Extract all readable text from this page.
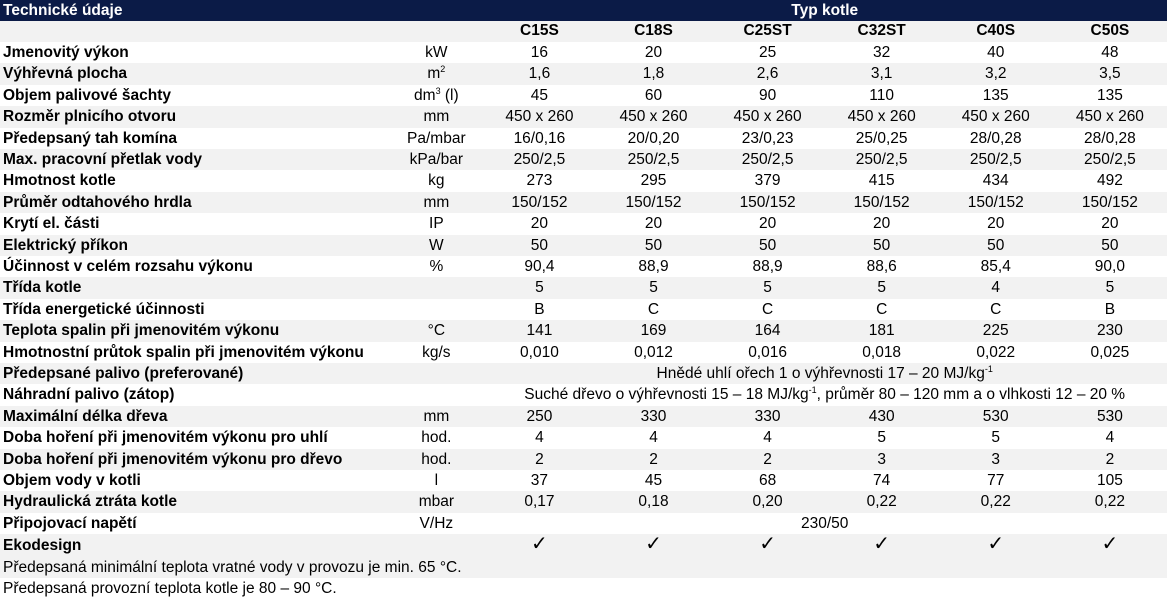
Technické údaje		Typ kotle					
		C15S	C18S	C25ST	C32ST	C40S	C50S
Jmenovitý výkon	kW	16	20	25	32	40	48
Výhřevná plocha	$m^2$	1,6	1,8	2,6	3,1	3,2	3,5
Objem palivové šachty	$dm^3$ (l)	45	60	90	110	135	135
Rozměr plnicího otvoru	mm	450 x 260	450 x 260	450 x 260	450 x 260	450 x 260	450 x 260
Předepsaný tah komína	Pa/mbar	16/0,16	20/0,20	23/0,23	25/0,25	28/0,28	28/0,28
Max. pracovní přetlak vody	kPa/bar	250/2,5	250/2,5	250/2,5	250/2,5	250/2,5	250/2,5
Hmotnost kotle	kg	273	295	379	415	434	492
Průměr odtahového hrdla	mm	150/152	150/152	150/152	150/152	150/152	150/152
Krytí el. části	IP	20	20	20	20	20	20
Elektrický příkon	W	50	50	50	50	50	50
Účinnost v celém rozsahu výkonu	%	90,4	88,9	88,9	88,6	85,4	90,0
Třída kotle		5	5	5	5	4	5
Třída energetické účinnosti		B	C	C	C	C	B
Teplota spalin při jmenovitém výkonu	°C	141	169	164	181	225	230
Hmotnostní průtok spalin při jmenovitém výkonu	kg/s	0,010	0,012	0,016	0,018	0,022	0,025
Předepsané palivo (preferované)		Hnědé uhlí ořech 1 o výhřevnosti 17 – 20 $MJ/kg^{-1}$
Náhradní palivo (zátop)		Suché dřevo o výhřevnosti 15 – 18 $MJ/kg^{-1}$, průměr 80 – 120 mm a o vlhkosti 12 – 20 %					
Maximální délka dřeva	mm	250	330	330	430	530	530
Doba hoření při jmenovitém výkonu pro uhlí	hod.	4	4	4	5	5	4
Doba hoření při jmenovitém výkonu pro dřevo	hod.	2	2	2	3	3	2
Objem vody v kotli	l	37	45	68	74	77	105
Hydraulická ztráta kotle	mbar	0,17	0,18	0,20	0,22	0,22	0,22
Připojovací napětí	V/Hz	230/50					
Ekodesign		✓	✓	✓	✓	✓	✓
Předepsaná minimální teplota vratné vody v provozu je min. 65 °C.							
Předepsaná provozní teplota kotle je 80 – 90 °C.							
